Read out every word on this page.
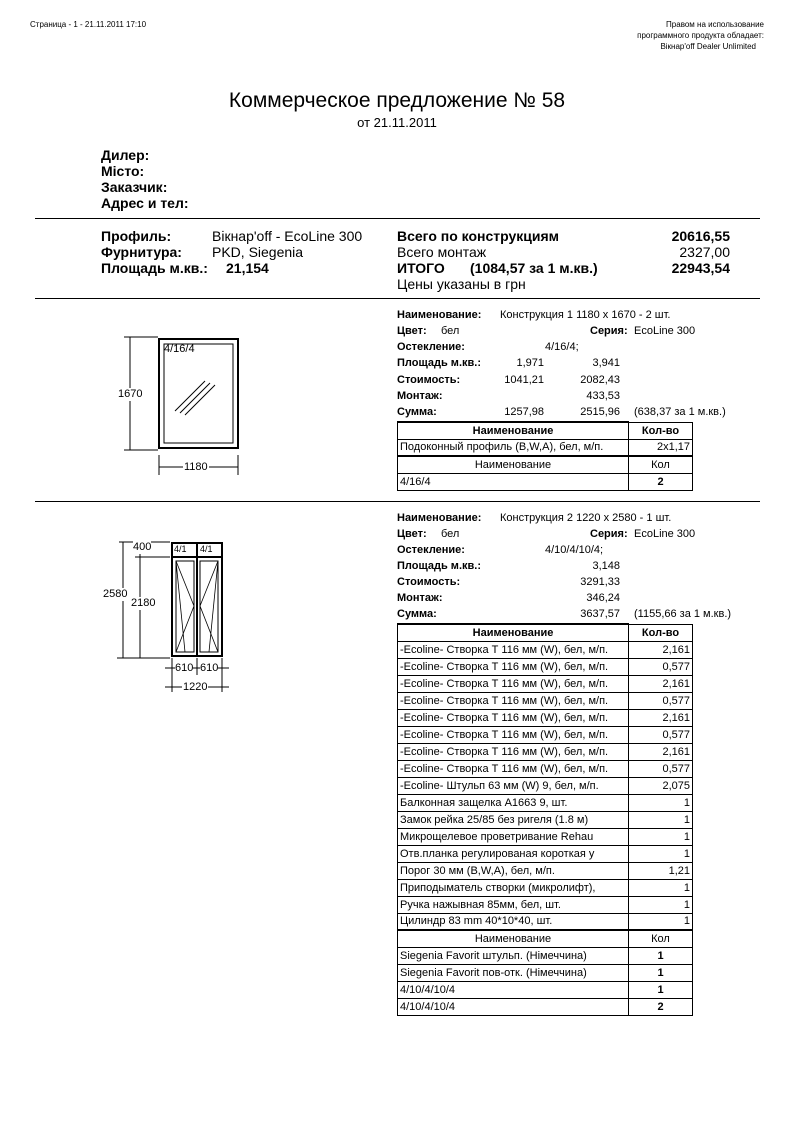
Страница - 1 - 21.11.2011 17:10	Правом на использование
программного продукта обладает:
Вікнар'off Dealer Unlimited
Коммерческое предложение № 58
от 21.11.2011
Дилер:
Місто:
Заказчик:
Адрес и тел:
Профиль:	Вікнар'off - EcoLine 300
Фурнитура: PKD, Siegenia
Площадь м.кв.: 21,154
Всего по конструкциям	20616,55
Всего монтаж	2327,00
ИТОГО (1084,57 за 1 м.кв.)	22943,54
Цены указаны в грн
4/16/4
1670
1180
Наименование: Конструкция 1 1180 x 1670 - 2 шт.
Цвет: бел	Серия: EcoLine 300
Остекление:	4/16/4;
Площадь м.кв.:	1,971	3,941
Стоимость:	1041,21	2082,43
Монтаж:	433,53
Сумма:	1257,98	2515,96 (638,37 за 1 м.кв.)
Наименование	Кол-во
Подоконный профиль (B,W,A), бел, м/п.	2x1,17
Наименование	Кол
4/16/4	2
400	4/1 4/1
2580
2180
610 610
1220
Наименование: Конструкция 2 1220 x 2580 - 1 шт.
Цвет: бел	Серия: EcoLine 300
Остекление:	4/10/4/10/4;
Площадь м.кв.:	3,148
Стоимость:	3291,33
Монтаж:	346,24
Сумма:	3637,57 (1155,66 за 1 м.кв.)
Наименование	Кол-во
-Ecoline- Створка Т 116 мм (W), бел, м/п.	2,161
-Ecoline- Створка Т 116 мм (W), бел, м/п.	0,577
-Ecoline- Створка Т 116 мм (W), бел, м/п.	2,161
-Ecoline- Створка Т 116 мм (W), бел, м/п.	0,577
-Ecoline- Створка Т 116 мм (W), бел, м/п.	2,161
-Ecoline- Створка Т 116 мм (W), бел, м/п.	0,577
-Ecoline- Створка Т 116 мм (W), бел, м/п.	2,161
-Ecoline- Створка Т 116 мм (W), бел, м/п.	0,577
-Ecoline- Штульп 63 мм (W) 9, бел, м/п.	2,075
Балконная защелка A1663 9, шт.	1
Замок рейка 25/85 без ригеля (1.8 м)	1
Микрощелевое проветривание Rehau	1
Отв.планка регулированая короткая у	1
Порог 30 мм (B,W,A), бел, м/п.	1,21
Приподыматель створки (микролифт),	1
Ручка нажывная 85мм, бел, шт.	1
Цилиндр 83 mm 40*10*40, шт.	1
Наименование	Кол
Siegenia Favorit штульп. (Німеччина)	1
Siegenia Favorit пов-отк. (Німеччина)	1
4/10/4/10/4	1
4/10/4/10/4	2
